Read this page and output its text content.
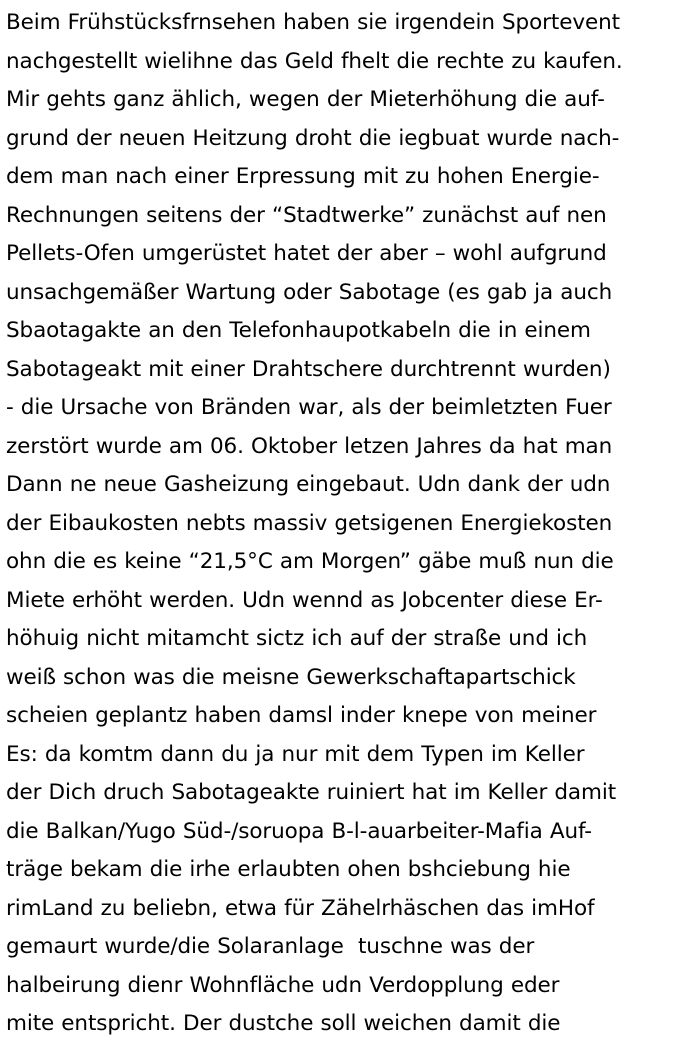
Beim Frühstücksfrnsehen haben sie irgendein Sportevent
nachgestellt wielihne das Geld fhelt die rechte zu kaufen.
Mir gehts ganz ählich, wegen der Mieterhöhung die auf-
grund der neuen Heitzung droht die iegbuat wurde nach-
dem man nach einer Erpressung mit zu hohen Energie-
Rechnungen seitens der “Stadtwerke” zunächst auf nen
Pellets-Ofen umgerüstet hatet der aber – wohl aufgrund
unsachgemäßer Wartung oder Sabotage (es gab ja auch
Sbaotagakte an den Telefonhaupotkabeln die in einem
Sabotageakt mit einer Drahtschere durchtrennt wurden)
- die Ursache von Bränden war, als der beimletzten Fuer
zerstört wurde am 06. Oktober letzen Jahres da hat man
Dann ne neue Gasheizung eingebaut. Udn dank der udn
der Eibaukosten nebts massiv getsigenen Energiekosten
ohn die es keine “21,5°C am Morgen” gäbe muß nun die
Miete erhöht werden. Udn wennd as Jobcenter diese Er-
höhuig nicht mitamcht sictz ich auf der straße und ich
weiß schon was die meisne Gewerkschaftapartschick
scheien geplantz haben damsl inder knepe von meiner
Es: da komtm dann du ja nur mit dem Typen im Keller
der Dich druch Sabotageakte ruiniert hat im Keller damit
die Balkan/Yugo Süd-/soruopa B-l-auarbeiter-Mafia Auf-
träge bekam die irhe erlaubten ohen bshciebung hie
rimLand zu beliebn, etwa für Zähelrhäschen das imHof
gemaurt wurde/die Solaranlage  tuschne was der
halbeirung dienr Wohnfläche udn Verdopplung eder
mite entspricht. Der dustche soll weichen damit die
